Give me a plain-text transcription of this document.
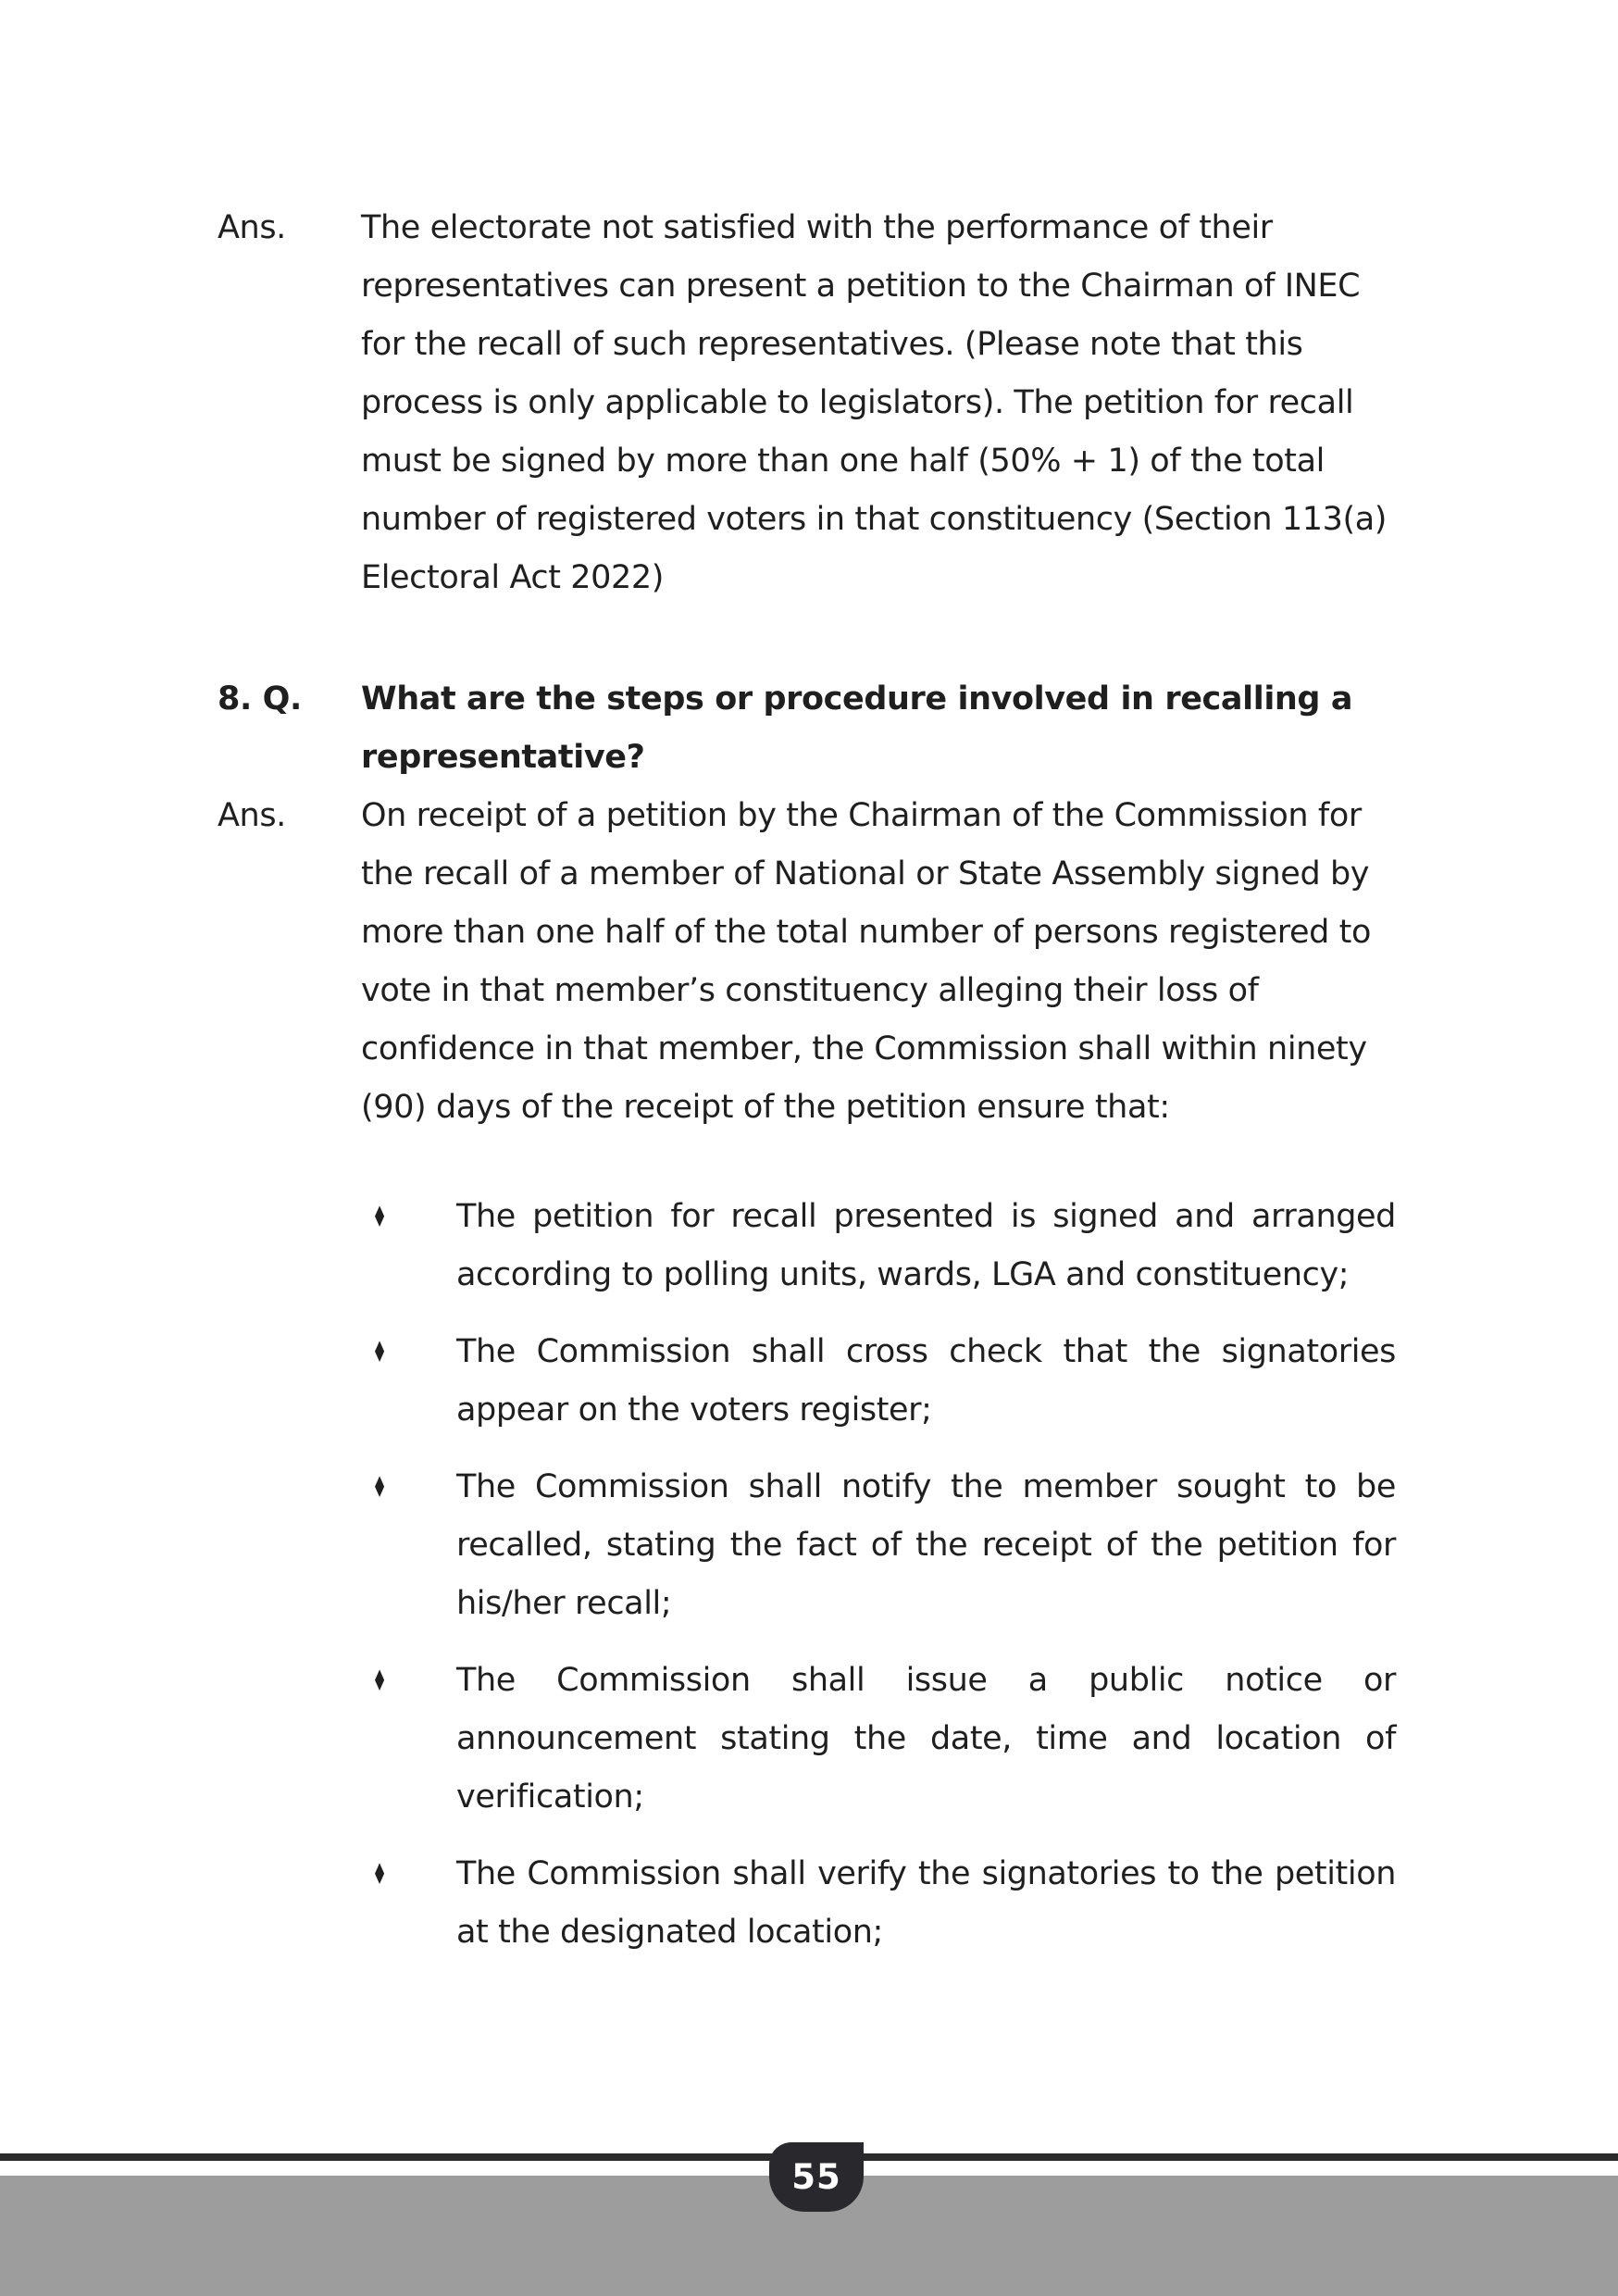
Ans.	The electorate not satisfied with the performance of their representatives can present a petition to the Chairman of INEC for the recall of such representatives. (Please note that this process is only applicable to legislators). The petition for recall must be signed by more than one half (50% + 1) of the total number of registered voters in that constituency (Section 113(a) Electoral Act 2022)

8. Q.	What are the steps or procedure involved in recalling a representative?

Ans.	On receipt of a petition by the Chairman of the Commission for the recall of a member of National or State Assembly signed by more than one half of the total number of persons registered to vote in that member’s constituency alleging their loss of confidence in that member, the Commission shall within ninety (90) days of the receipt of the petition ensure that:

♦	The petition for recall presented is signed and arranged according to polling units, wards, LGA and constituency;

♦	The Commission shall cross check that the signatories appear on the voters register;

♦	The Commission shall notify the member sought to be recalled, stating the fact of the receipt of the petition for his/her recall;

♦	The Commission shall issue a public notice or announcement stating the date, time and location of verification;

♦	The Commission shall verify the signatories to the petition at the designated location;

55
